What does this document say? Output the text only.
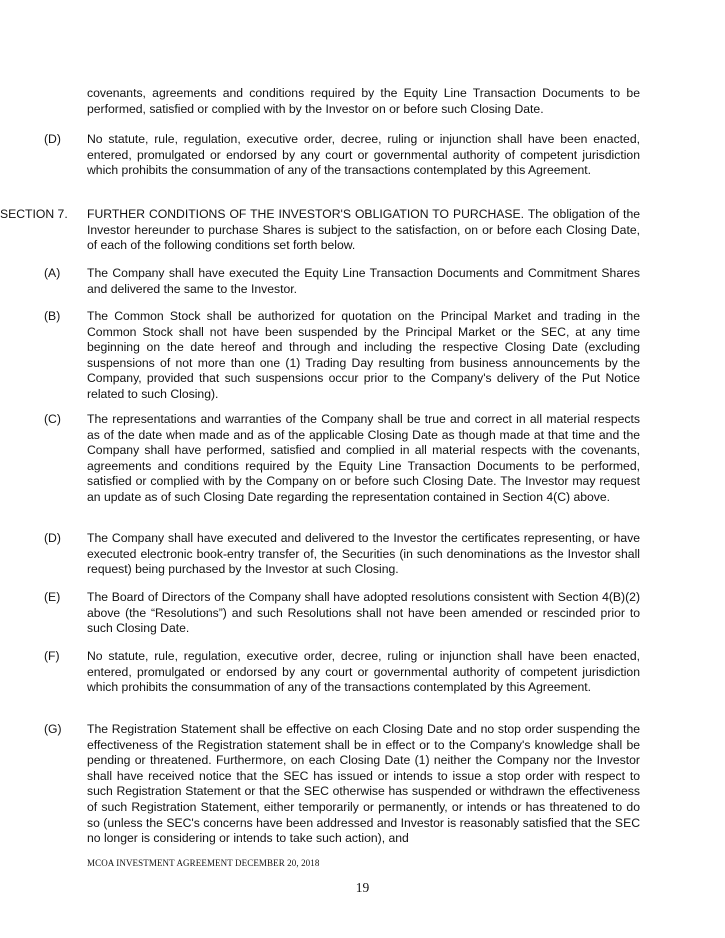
covenants, agreements and conditions required by the Equity Line Transaction Documents to be performed, satisfied or complied with by the Investor on or before such Closing Date.
(D) No statute, rule, regulation, executive order, decree, ruling or injunction shall have been enacted, entered, promulgated or endorsed by any court or governmental authority of competent jurisdiction which prohibits the consummation of any of the transactions contemplated by this Agreement.
SECTION 7. FURTHER CONDITIONS OF THE INVESTOR'S OBLIGATION TO PURCHASE. The obligation of the Investor hereunder to purchase Shares is subject to the satisfaction, on or before each Closing Date, of each of the following conditions set forth below.
(A) The Company shall have executed the Equity Line Transaction Documents and Commitment Shares and delivered the same to the Investor.
(B) The Common Stock shall be authorized for quotation on the Principal Market and trading in the Common Stock shall not have been suspended by the Principal Market or the SEC, at any time beginning on the date hereof and through and including the respective Closing Date (excluding suspensions of not more than one (1) Trading Day resulting from business announcements by the Company, provided that such suspensions occur prior to the Company's delivery of the Put Notice related to such Closing).
(C) The representations and warranties of the Company shall be true and correct in all material respects as of the date when made and as of the applicable Closing Date as though made at that time and the Company shall have performed, satisfied and complied in all material respects with the covenants, agreements and conditions required by the Equity Line Transaction Documents to be performed, satisfied or complied with by the Company on or before such Closing Date. The Investor may request an update as of such Closing Date regarding the representation contained in Section 4(C) above.
(D) The Company shall have executed and delivered to the Investor the certificates representing, or have executed electronic book-entry transfer of, the Securities (in such denominations as the Investor shall request) being purchased by the Investor at such Closing.
(E) The Board of Directors of the Company shall have adopted resolutions consistent with Section 4(B)(2) above (the “Resolutions”) and such Resolutions shall not have been amended or rescinded prior to such Closing Date.
(F) No statute, rule, regulation, executive order, decree, ruling or injunction shall have been enacted, entered, promulgated or endorsed by any court or governmental authority of competent jurisdiction which prohibits the consummation of any of the transactions contemplated by this Agreement.
(G) The Registration Statement shall be effective on each Closing Date and no stop order suspending the effectiveness of the Registration statement shall be in effect or to the Company's knowledge shall be pending or threatened. Furthermore, on each Closing Date (1) neither the Company nor the Investor shall have received notice that the SEC has issued or intends to issue a stop order with respect to such Registration Statement or that the SEC otherwise has suspended or withdrawn the effectiveness of such Registration Statement, either temporarily or permanently, or intends or has threatened to do so (unless the SEC's concerns have been addressed and Investor is reasonably satisfied that the SEC no longer is considering or intends to take such action), and
MCOA INVESTMENT AGREEMENT DECEMBER 20, 2018
19
